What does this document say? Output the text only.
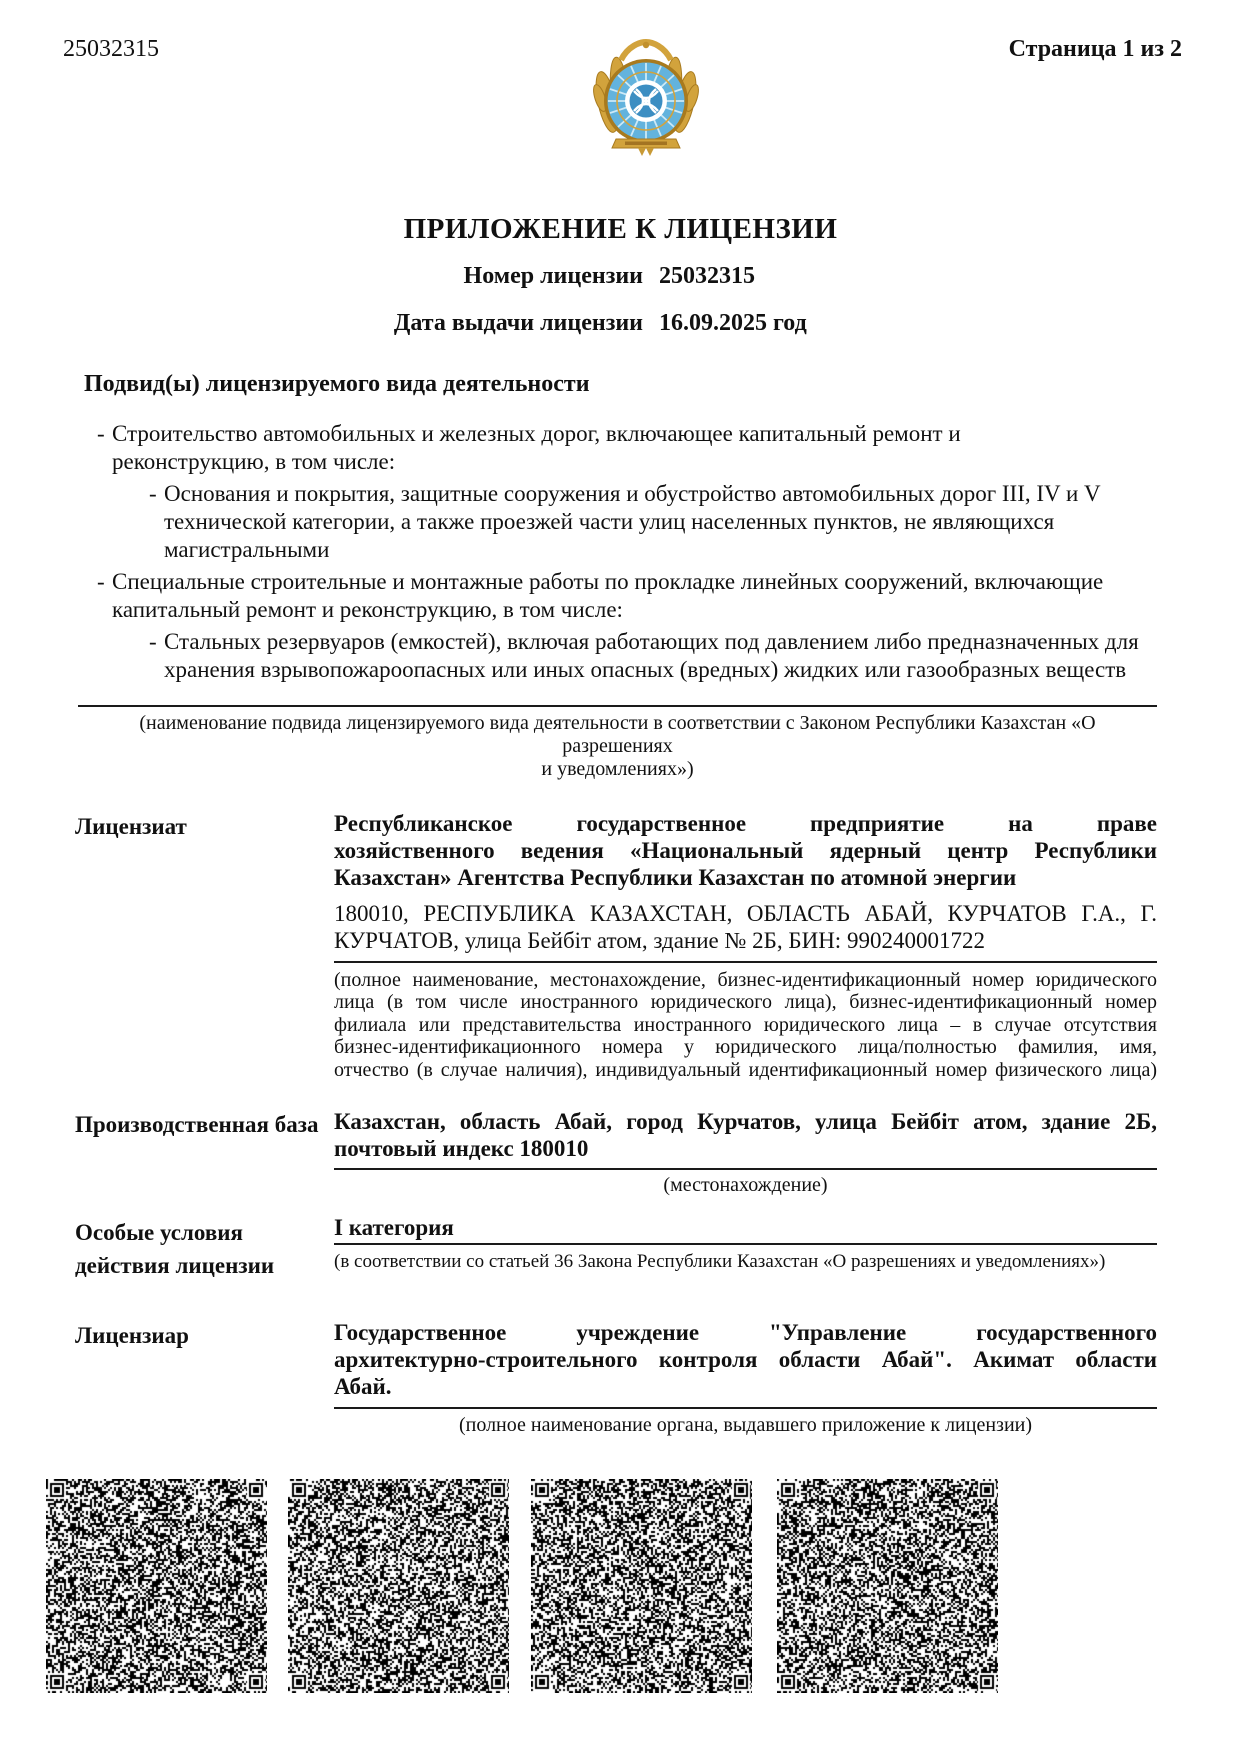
25032315	Страница 1 из 2
ПРИЛОЖЕНИЕ К ЛИЦЕНЗИИ
Номер лицензии 25032315
Дата выдачи лицензии 16.09.2025 год
Подвид(ы) лицензируемого вида деятельности
- Строительство автомобильных и железных дорог, включающее капитальный ремонт и
реконструкцию, в том числе:
- Основания и покрытия, защитные сооружения и обустройство автомобильных дорог III, IV и V
технической категории, а также проезжей части улиц населенных пунктов, не являющихся
магистральными
- Специальные строительные и монтажные работы по прокладке линейных сооружений, включающие
капитальный ремонт и реконструкцию, в том числе:
- Стальных резервуаров (емкостей), включая работающих под давлением либо предназначенных для
хранения взрывопожароопасных или иных опасных (вредных) жидких или газообразных веществ
(наименование подвида лицензируемого вида деятельности в соответствии с Законом Республики Казахстан «О разрешениях
и уведомлениях»)
Лицензиат	Республиканское государственное предприятие на праве
хозяйственного ведения «Национальный ядерный центр Республики
Казахстан» Агентства Республики Казахстан по атомной энергии
180010, РЕСПУБЛИКА КАЗАХСТАН, ОБЛАСТЬ АБАЙ, КУРЧАТОВ Г.А., Г.
КУРЧАТОВ, улица Бейбіт атом, здание № 2Б, БИН: 990240001722
(полное наименование, местонахождение, бизнес-идентификационный номер юридического
лица (в том числе иностранного юридического лица), бизнес-идентификационный номер
филиала или представительства иностранного юридического лица – в случае отсутствия
бизнес-идентификационного номера у юридического лица/полностью фамилия, имя,
отчество (в случае наличия), индивидуальный идентификационный номер физического лица)
Производственная база Казахстан, область Абай, город Курчатов, улица Бейбіт атом, здание 2Б,
почтовый индекс 180010
(местонахождение)
Особые условия действия лицензии
I категория
(в соответствии со статьей 36 Закона Республики Казахстан «О разрешениях и уведомлениях»)
Лицензиар	Государственное учреждение "Управление государственного
архитектурно-строительного контроля области Абай". Акимат области
Абай.
(полное наименование органа, выдавшего приложение к лицензии)
